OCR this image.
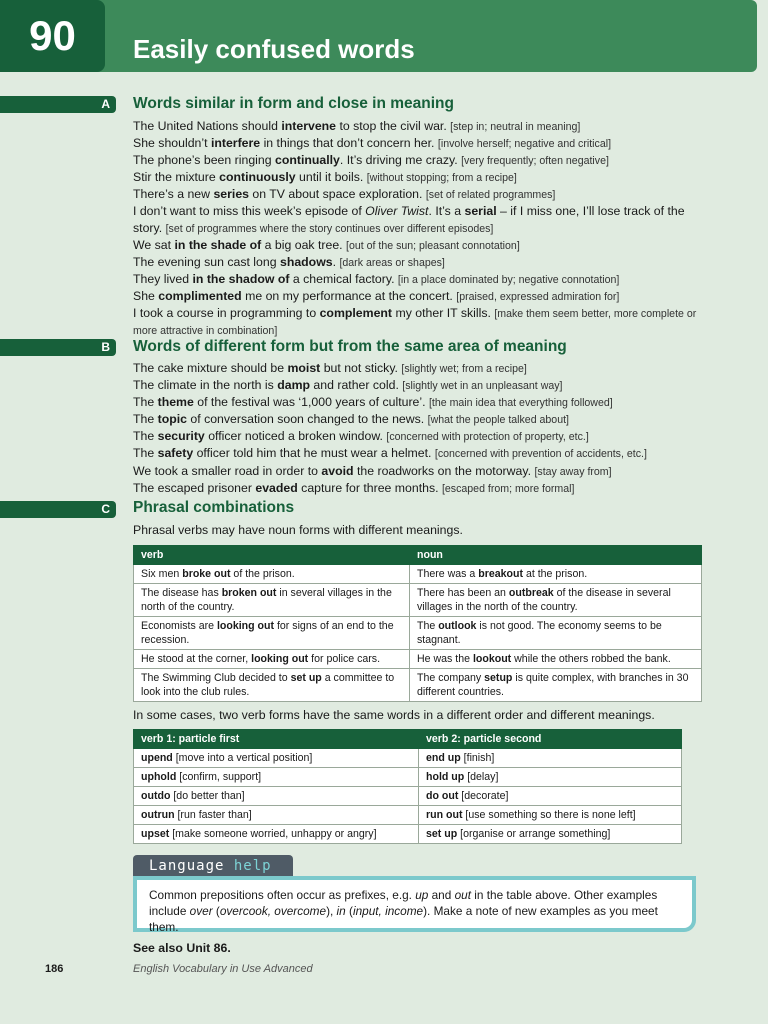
90	Easily confused words
A	Words similar in form and close in meaning
The United Nations should intervene to stop the civil war. [step in; neutral in meaning]
She shouldn’t interfere in things that don’t concern her. [involve herself; negative and critical]
The phone’s been ringing continually. It’s driving me crazy. [very frequently; often negative]
Stir the mixture continuously until it boils. [without stopping; from a recipe]
There’s a new series on TV about space exploration. [set of related programmes]
I don’t want to miss this week’s episode of Oliver Twist. It’s a serial – if I miss one, I’ll lose track of the story. [set of programmes where the story continues over different episodes]
We sat in the shade of a big oak tree. [out of the sun; pleasant connotation]
The evening sun cast long shadows. [dark areas or shapes]
They lived in the shadow of a chemical factory. [in a place dominated by; negative connotation]
She complimented me on my performance at the concert. [praised, expressed admiration for]
I took a course in programming to complement my other IT skills. [make them seem better, more complete or more attractive in combination]
B	Words of different form but from the same area of meaning
The cake mixture should be moist but not sticky. [slightly wet; from a recipe]
The climate in the north is damp and rather cold. [slightly wet in an unpleasant way]
The theme of the festival was ‘1,000 years of culture’. [the main idea that everything followed]
The topic of conversation soon changed to the news. [what the people talked about]
The security officer noticed a broken window. [concerned with protection of property, etc.]
The safety officer told him that he must wear a helmet. [concerned with prevention of accidents, etc.]
We took a smaller road in order to avoid the roadworks on the motorway. [stay away from]
The escaped prisoner evaded capture for three months. [escaped from; more formal]
C	Phrasal combinations
Phrasal verbs may have noun forms with different meanings.
verb	noun
Six men broke out of the prison.	There was a breakout at the prison.
The disease has broken out in several villages in the north of the country.	There has been an outbreak of the disease in several villages in the north of the country.
Economists are looking out for signs of an end to the recession.	The outlook is not good. The economy seems to be stagnant.
He stood at the corner, looking out for police cars.	He was the lookout while the others robbed the bank.
The Swimming Club decided to set up a committee to look into the club rules.	The company setup is quite complex, with branches in 30 different countries.
In some cases, two verb forms have the same words in a different order and different meanings.
verb 1: particle first	verb 2: particle second
upend [move into a vertical position]	end up [finish]
uphold [confirm, support]	hold up [delay]
outdo [do better than]	do out [decorate]
outrun [run faster than]	run out [use something so there is none left]
upset [make someone worried, unhappy or angry]	set up [organise or arrange something]
Language help
Common prepositions often occur as prefixes, e.g. up and out in the table above. Other examples include over (overcook, overcome), in (input, income). Make a note of new examples as you meet them.
See also Unit 86.
186	English Vocabulary in Use Advanced
